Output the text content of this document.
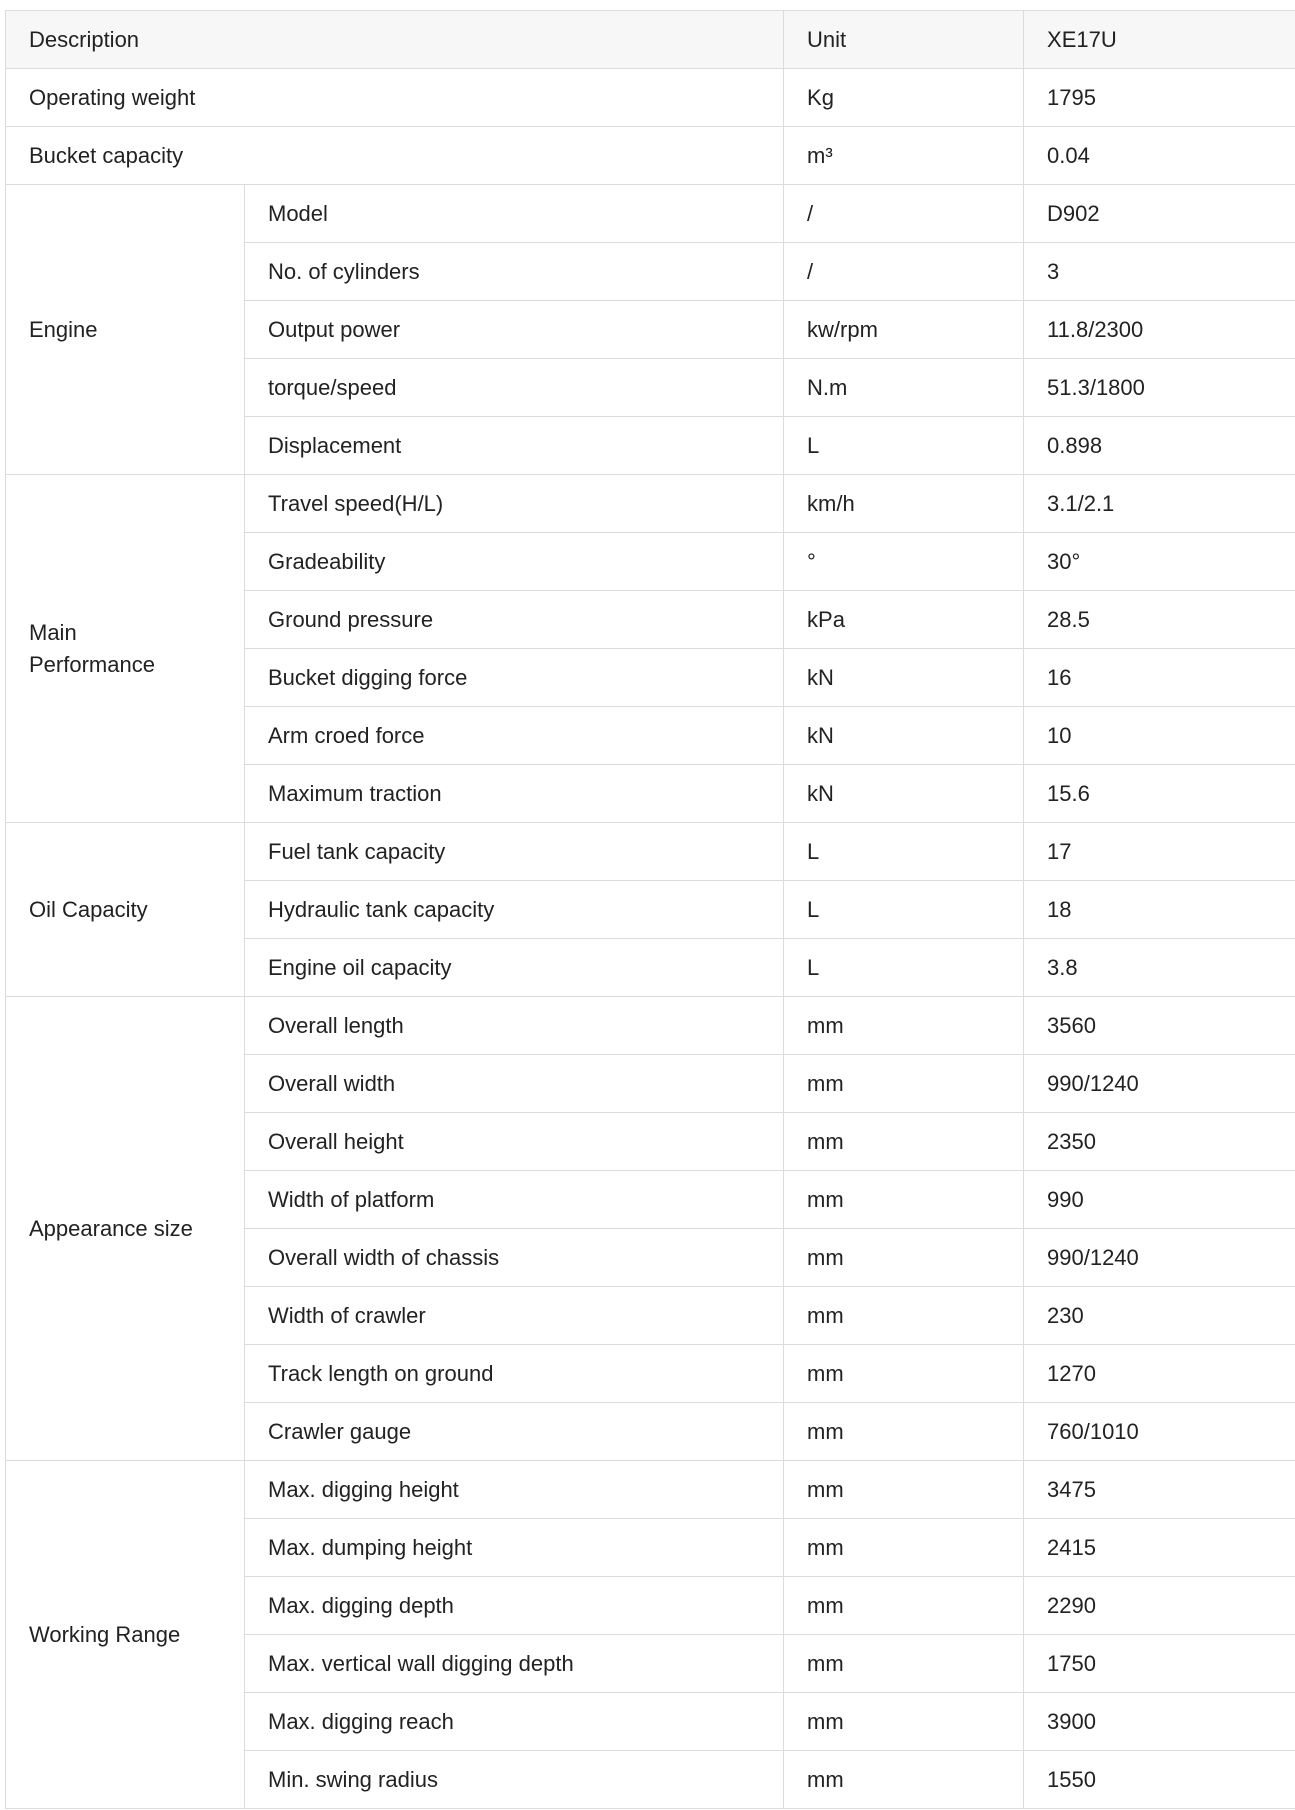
Description		Unit	XE17U
Operating weight		Kg	1795
Bucket capacity		m³	0.04
Engine	Model	/	D902
	No. of cylinders	/	3
	Output power	kw/rpm	11.8/2300
	torque/speed	N.m	51.3/1800
	Displacement	L	0.898
Main Performance	Travel speed(H/L)	km/h	3.1/2.1
	Gradeability	°	30°
	Ground pressure	kPa	28.5
	Bucket digging force	kN	16
	Arm croed force	kN	10
	Maximum traction	kN	15.6
Oil Capacity	Fuel tank capacity	L	17
	Hydraulic tank capacity	L	18
	Engine oil capacity	L	3.8
Appearance size	Overall length	mm	3560
	Overall width	mm	990/1240
	Overall height	mm	2350
	Width of platform	mm	990
	Overall width of chassis	mm	990/1240
	Width of crawler	mm	230
	Track length on ground	mm	1270
	Crawler gauge	mm	760/1010
Working Range	Max. digging height	mm	3475
	Max. dumping height	mm	2415
	Max. digging depth	mm	2290
	Max. vertical wall digging depth	mm	1750
	Max. digging reach	mm	3900
	Min. swing radius	mm	1550
